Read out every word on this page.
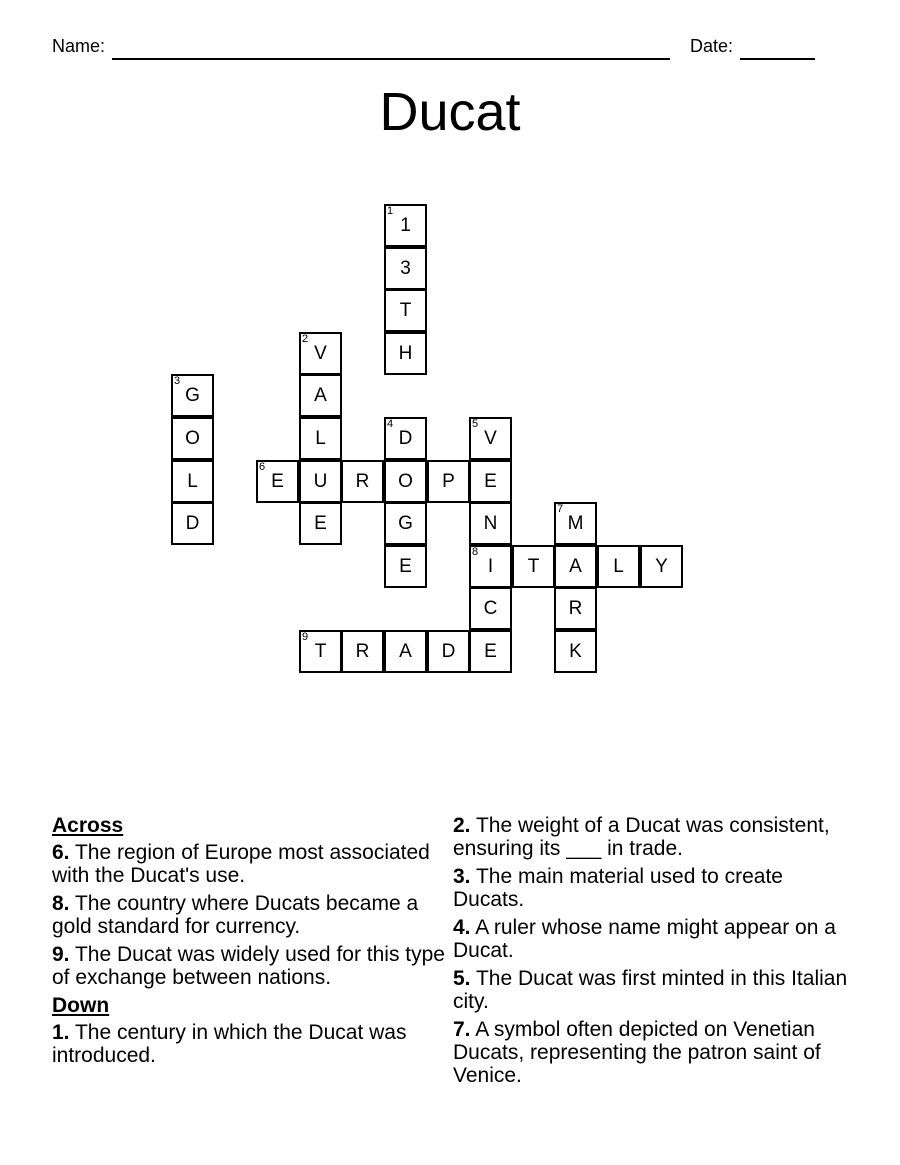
Name:	Date:
Ducat
1
1
3
T
H
2
V
A
L
U
E
3
G
O
L
D
4
D
O
G
E
5
V
E
N
8
I
C
E
6
E	R	P
7
M
A
R
K
T	L	Y
9
T	R	A	D
Across
6. The region of Europe most associated with the Ducat's use.
8. The country where Ducats became a gold standard for currency.
9. The Ducat was widely used for this type of exchange between nations.
Down
1. The century in which the Ducat was introduced.
2. The weight of a Ducat was consistent, ensuring its ___ in trade.
3. The main material used to create Ducats.
4. A ruler whose name might appear on a Ducat.
5. The Ducat was first minted in this Italian city.
7. A symbol often depicted on Venetian Ducats, representing the patron saint of Venice.
